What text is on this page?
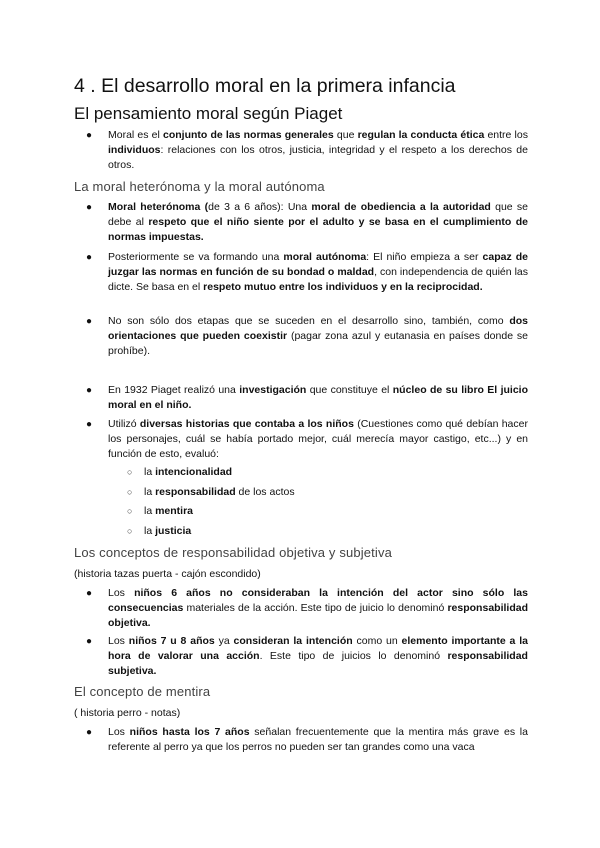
4 . El desarrollo moral en la primera infancia
El pensamiento moral según Piaget
● Moral es el conjunto de las normas generales que regulan la conducta ética entre los individuos: relaciones con los otros, justicia, integridad y el respeto a los derechos de otros.
La moral heterónoma y la moral autónoma
● Moral heterónoma (de 3 a 6 años): Una moral de obediencia a la autoridad que se debe al respeto que el niño siente por el adulto y se basa en el cumplimiento de normas impuestas.
● Posteriormente se va formando una moral autónoma: El niño empieza a ser capaz de juzgar las normas en función de su bondad o maldad, con independencia de quién las dicte. Se basa en el respeto mutuo entre los individuos y en la reciprocidad.
● No son sólo dos etapas que se suceden en el desarrollo sino, también, como dos orientaciones que pueden coexistir (pagar zona azul y eutanasia en países donde se prohíbe).
● En 1932 Piaget realizó una investigación que constituye el núcleo de su libro El juicio moral en el niño.
● Utilizó diversas historias que contaba a los niños (Cuestiones como qué debían hacer los personajes, cuál se había portado mejor, cuál merecía mayor castigo, etc...) y en función de esto, evaluó:
○ la intencionalidad
○ la responsabilidad de los actos
○ la mentira
○ la justicia
Los conceptos de responsabilidad objetiva y subjetiva
(historia tazas puerta - cajón escondido)
● Los niños 6 años no consideraban la intención del actor sino sólo las consecuencias materiales de la acción. Este tipo de juicio lo denominó responsabilidad objetiva.
● Los niños 7 u 8 años ya consideran la intención como un elemento importante a la hora de valorar una acción. Este tipo de juicios lo denominó responsabilidad subjetiva.
El concepto de mentira
( historia perro - notas)
● Los niños hasta los 7 años señalan frecuentemente que la mentira más grave es la referente al perro ya que los perros no pueden ser tan grandes como una vaca
